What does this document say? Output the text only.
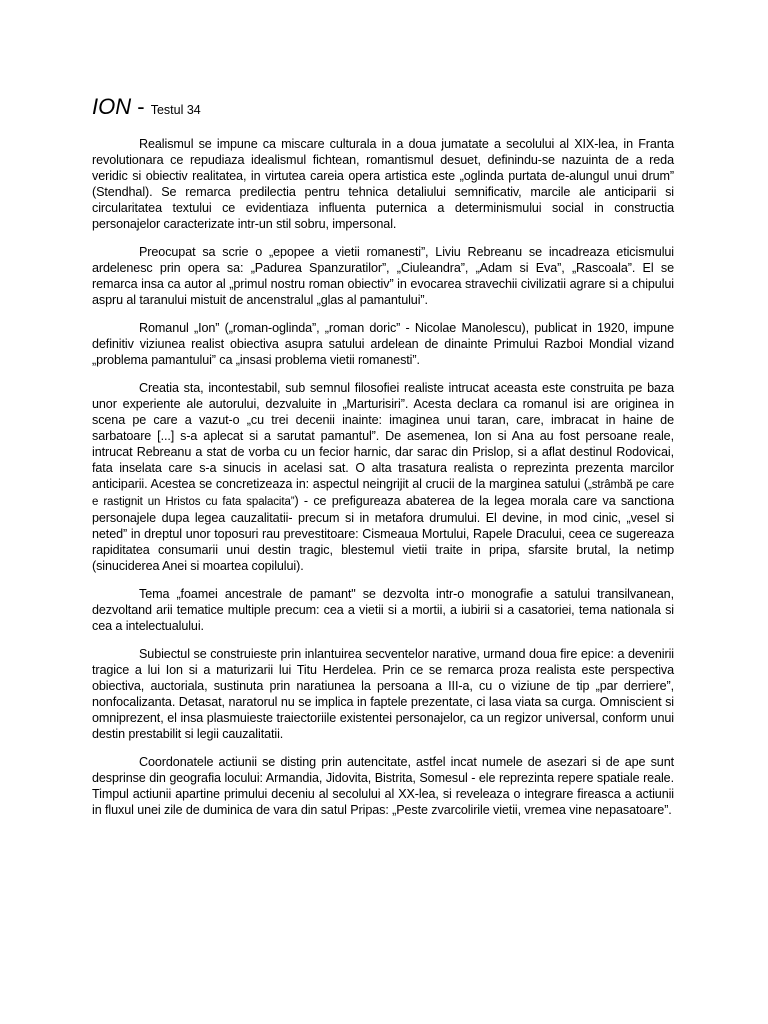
ION - Testul 34

Realismul se impune ca miscare culturala in a doua jumatate a secolului al XIX-lea, in Franta revolutionara ce repudiaza idealismul fichtean, romantismul desuet, definindu-se nazuinta de a reda veridic si obiectiv realitatea, in virtutea careia opera artistica este „oglinda purtata de-alungul unui drum” (Stendhal). Se remarca predilectia pentru tehnica detaliului semnificativ, marcile ale anticiparii si circularitatea textului ce evidentiaza influenta puternica a determinismului social in constructia personajelor caracterizate intr-un stil sobru, impersonal.

Preocupat sa scrie o „epopee a vietii romanesti”, Liviu Rebreanu se incadreaza eticismului ardelenesc prin opera sa: „Padurea Spanzuratilor”, „Ciuleandra”, „Adam si Eva”, „Rascoala”. El se remarca insa ca autor al „primul nostru roman obiectiv” in evocarea stravechii civilizatii agrare si a chipului aspru al taranului mistuit de ancenstralul „glas al pamantului”.

Romanul „Ion” („roman-oglinda”, „roman doric” - Nicolae Manolescu), publicat in 1920, impune definitiv viziunea realist obiectiva asupra satului ardelean de dinainte Primului Razboi Mondial vizand „problema pamantului” ca „insasi problema vietii romanesti”.

Creatia sta, incontestabil, sub semnul filosofiei realiste intrucat aceasta este construita pe baza unor experiente ale autorului, dezvaluite in „Marturisiri”. Acesta declara ca romanul isi are originea in scena pe care a vazut-o „cu trei decenii inainte: imaginea unui taran, care, imbracat in haine de sarbatoare [...] s-a aplecat si a sarutat pamantul”. De asemenea, Ion si Ana au fost persoane reale, intrucat Rebreanu a stat de vorba cu un fecior harnic, dar sarac din Prislop, si a aflat destinul Rodovicai, fata inselata care s-a sinucis in acelasi sat. O alta trasatura realista o reprezinta prezenta marcilor anticiparii. Acestea se concretizeaza in: aspectul neingrijit al crucii de la marginea satului („strâmbă pe care e rastignit un Hristos cu fata spalacita”) - ce prefigureaza abaterea de la legea morala care va sanctiona personajele dupa legea cauzalitatii- precum si in metafora drumului. El devine, in mod cinic, „vesel si neted” in dreptul unor toposuri rau prevestitoare: Cismeaua Mortului, Rapele Dracului, ceea ce sugereaza rapiditatea consumarii unui destin tragic, blestemul vietii traite in pripa, sfarsite brutal, la netimp (sinuciderea Anei si moartea copilului).

Tema „foamei ancestrale de pamant" se dezvolta intr-o monografie a satului transilvanean, dezvoltand arii tematice multiple precum: cea a vietii si a mortii, a iubirii si a casatoriei, tema nationala si cea a intelectualului.

Subiectul se construieste prin inlantuirea secventelor narative, urmand doua fire epice: a devenirii tragice a lui Ion si a maturizarii lui Titu Herdelea. Prin ce se remarca proza realista este perspectiva obiectiva, auctoriala, sustinuta prin naratiunea la persoana a III-a, cu o viziune de tip „par derriere”, nonfocalizanta. Detasat, naratorul nu se implica in faptele prezentate, ci lasa viata sa curga. Omniscient si omniprezent, el insa plasmuieste traiectoriile existentei personajelor, ca un regizor universal, conform unui destin prestabilit si legii cauzalitatii.

Coordonatele actiunii se disting prin autencitate, astfel incat numele de asezari si de ape sunt desprinse din geografia locului: Armandia, Jidovita, Bistrita, Somesul - ele reprezinta repere spatiale reale. Timpul actiunii apartine primului deceniu al secolului al XX-lea, si reveleaza o integrare fireasca a actiunii in fluxul unei zile de duminica de vara din satul Pripas: „Peste zvarcolirile vietii, vremea vine nepasatoare”.
